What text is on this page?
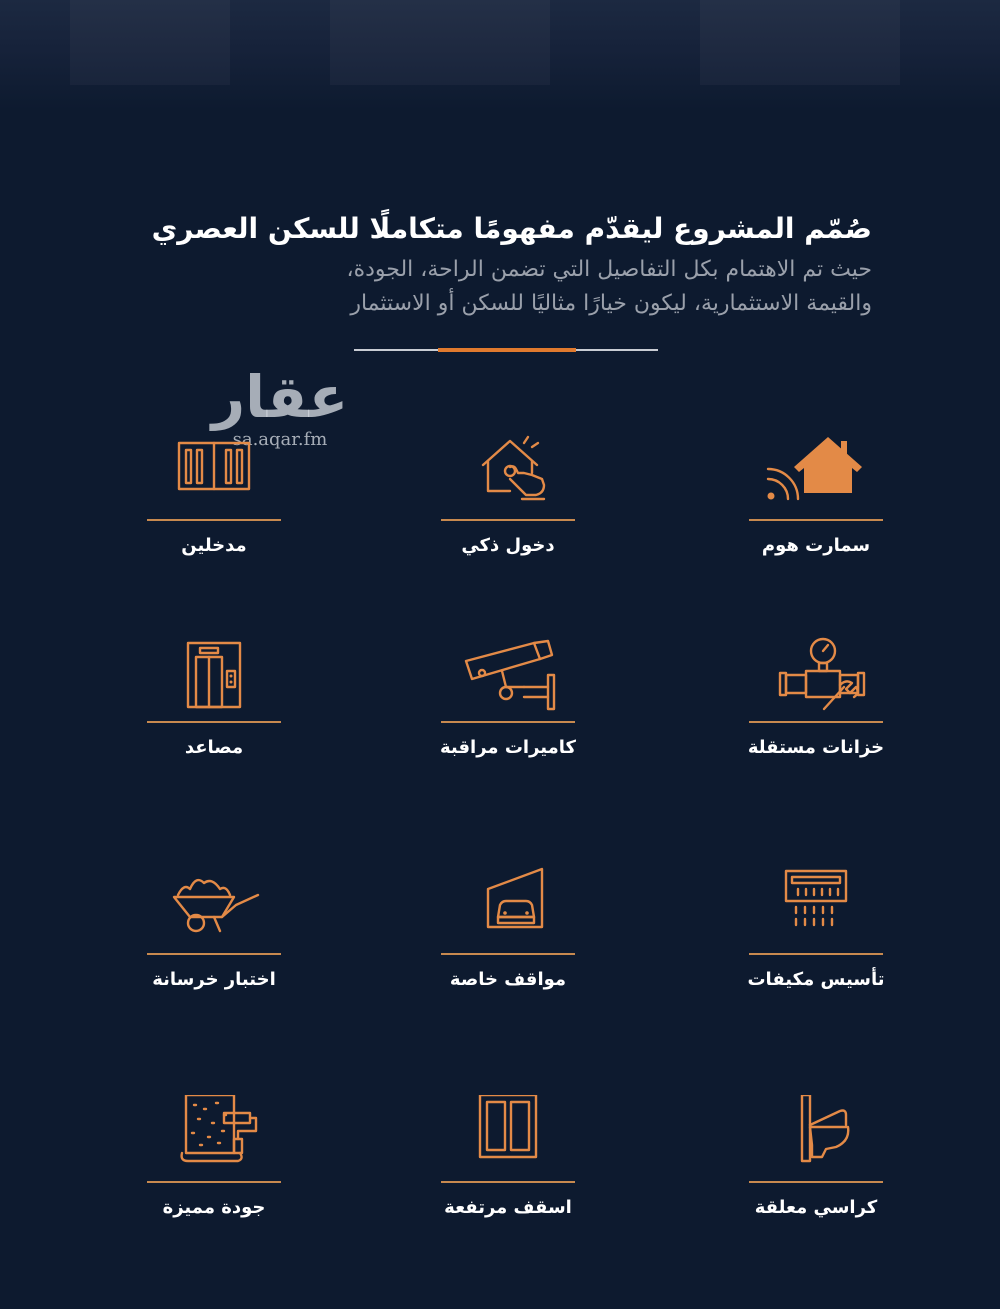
صُمّم المشروع ليقدّم مفهومًا متكاملًا للسكن العصري

حيث تم الاهتمام بكل التفاصيل التي تضمن الراحة، الجودة،

والقيمة الاستثمارية، ليكون خيارًا مثاليًا للسكن أو الاستثمار

عقار
sa.aqar.fm
سمارت هوم
دخول ذكي
مدخلين
خزانات مستقلة
كاميرات مراقبة
مصاعد
تأسيس مكيفات
مواقف خاصة
اختبار خرسانة
كراسي معلقة
اسقف مرتفعة
جودة مميزة
